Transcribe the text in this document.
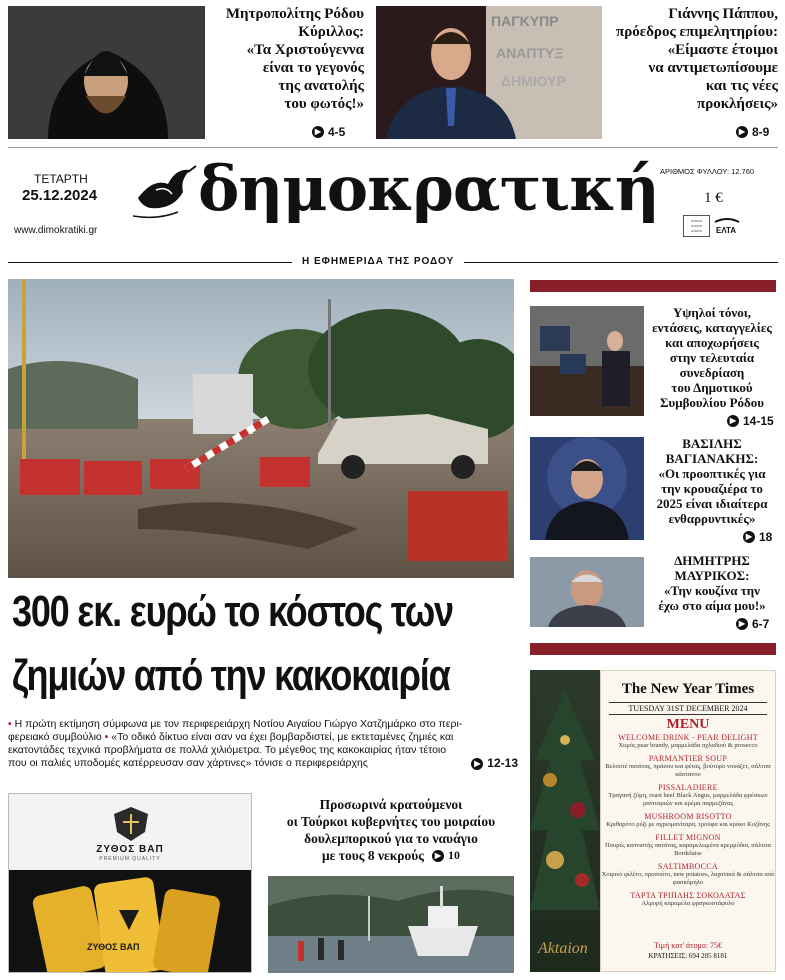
Μητροπολίτης Ρόδου
Κύριλλος:
«Τα Χριστούγεννα
είναι το γεγονός
της ανατολής
του φωτός!»
▶ 4-5
ΠΑΓΚΥΠΡ
ΑΝΑΠΤΥΞ
ΔΗΜΙΟΥΡ
Γιάννης Πάππου,
πρόεδρος επιμελητηρίου:
«Είμαστε έτοιμοι
να αντιμετωπίσουμε
και τις νέες
προκλήσεις»
▶ 8-9
ΤΕΤΑΡΤΗ
25.12.2024
www.dimokratiki.gr
δημοκρατική ΑΡΙΘΜΟΣ ΦΥΛΛΟΥ: 12.760
1 €
▭▭▭
▭▭▭
▭▭▭	ΕΛΤΑ
Η ΕΦΗΜΕΡΙΔΑ ΤΗΣ ΡΟΔΟΥ
300 εκ. ευρώ το κόστος των
ζημιών από την κακοκαιρία
• Η πρώτη εκτίμηση σύμφωνα με τον περιφερειάρχη Νοτίου Αιγαίου Γιώργο Χατζημάρκο στο περι-
φερειακό συμβούλιο • «Το οδικό δίκτυο είναι σαν να έχει βομβαρδιστεί, με εκτεταμένες ζημιές και
εκατοντάδες τεχνικά προβλήματα σε πολλά χιλιόμετρα. Το μέγεθος της κακοκαιρίας ήταν τέτοιο
που οι παλιές υποδομές κατέρρευσαν σαν χάρτινες» τόνισε ο περιφερειάρχης	▶ 12-13
Υψηλοί τόνοι,
εντάσεις, καταγγελίες
και αποχωρήσεις
στην τελευταία
συνεδρίαση
του Δημοτικού
Συμβουλίου Ρόδου
▶ 14-15
ΒΑΣΙΛΗΣ
ΒΑΓΙΑΝΑΚΗΣ:
«Οι προοπτικές για
την κρουαζιέρα το
2025 είναι ιδιαίτερα
ενθαρρυντικές»
▶ 18
ΔΗΜΗΤΡΗΣ
ΜΑΥΡΙΚΟΣ:
«Την κουζίνα την
έχω στο αίμα μου!»
▶ 6-7
The New Year Times
TUESDAY 31ST DECEMBER 2024
MENU
WELCOME DRINK - PEAR DELIGHT
Χυμός pear brandy, μαρμελάδα αχλαδιού & prosecco
PARMANTIER SOUP
Βελουτέ πατάτας, πράσου και φέτας, βούτυρο νουάζετ, σάλτσα κάστανου
PISSALADIERE
Τραγανή ζύμη, roast beef Black Angus, μαρμελάδα φρέσκων μανιταριών και κρέμα παρμεζάνας
MUSHROOM RISOTTO
Κριθαρότο ρύζι με αγριομανίταρα, τρούφα και κρόκο Κοζάνης
FILLET MIGNON
Πουρές καπνιστής πατάτας, καραμελωμένα κρεμμύδια, σάλτσα Bordelaise
SALTIMBOCCA
Χοιρινό φιλέτο, προσούτο, new potatoes, λαχανικά & σάλτσα από φασκόμηλο
ΤΑΡΤΑ ΤΡΙΠΛΗΣ ΣΟΚΟΛΑΤΑΣ
Αλμυρή καραμέλα φραγκοστάφυλο
Τιμή κατ' άτομο: 75€
ΚΡΑΤΗΣΕΙΣ: 694 205 8181
Aktaion
ΖΥΘΟΣ ΒΑΠ
PREMIUM QUALITY
ΖΥΘΟΣ ΒΑΠ
Προσωρινά κρατούμενοι
οι Τούρκοι κυβερνήτες του μοιραίου
δουλεμπορικού για το ναυάγιο
με τους 8 νεκρούς	▶ 10
